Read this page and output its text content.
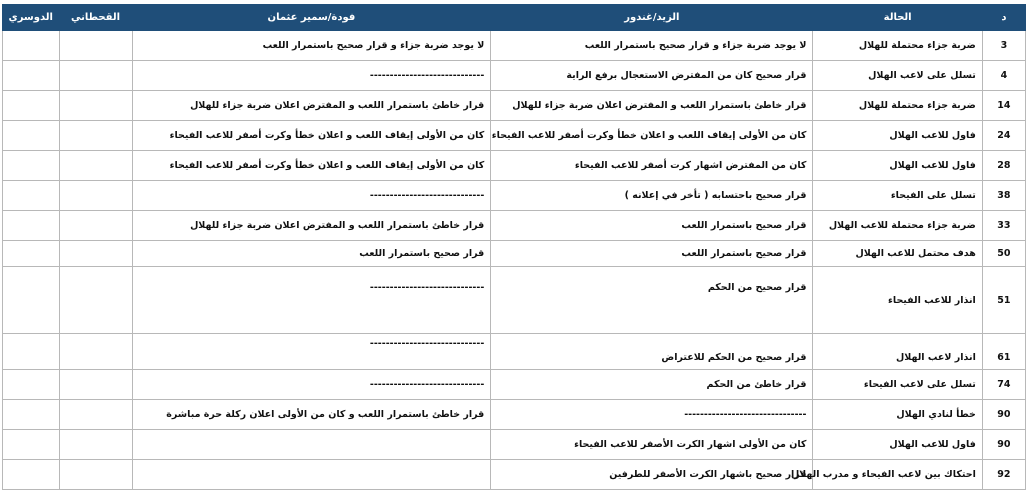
د	الحالة	الزيد/غندور	فودة/سمير عثمان	القحطاني	الدوسري
3	ضربة جزاء محتملة للهلال	لا يوجد ضربة جزاء و قرار صحيح باستمرار اللعب	لا يوجد ضربة جزاء و قرار صحيح باستمرار اللعب		
4	تسلل على لاعب الهلال	قرار صحيح كان من المفترض الاستعجال برفع الراية	-----------------------------		
14	ضربة جزاء محتملة للهلال	قرار خاطئ باستمرار اللعب و المفترض اعلان ضربة جزاء للهلال	قرار خاطئ باستمرار اللعب و المفترض اعلان ضربة جزاء للهلال		
24	فاول للاعب الهلال	كان من الأولى إيقاف اللعب و اعلان خطأ وكرت أصفر للاعب الفيحاء	كان من الأولى إيقاف اللعب و اعلان خطأ وكرت أصفر للاعب الفيحاء		
28	فاول للاعب الهلال	كان من المفترض اشهار كرت أصفر للاعب الفيحاء	كان من الأولى إيقاف اللعب و اعلان خطأ وكرت أصفر للاعب الفيحاء		
38	تسلل على الفيحاء	قرار صحيح باحتسابه ( تأخر في إعلانه )	-----------------------------		
33	ضربة جزاء محتملة للاعب الهلال	قرار صحيح باستمرار اللعب	قرار خاطئ باستمرار اللعب و المفترض اعلان ضربة جزاء للهلال		
50	هدف محتمل للاعب الهلال	قرار صحيح باستمرار اللعب	قرار صحيح باستمرار اللعب		
51	انذار للاعب الفيحاء	قرار صحيح من الحكم	-----------------------------		
61	انذار لاعب الهلال	قرار صحيح من الحكم للاعتراض	-----------------------------		
74	تسلل على لاعب الفيحاء	قرار خاطئ من الحكم	-----------------------------		
90	خطأ لنادي الهلال	-------------------------------	قرار خاطئ باستمرار اللعب و كان من الأولى اعلان ركلة حرة مباشرة		
90	فاول للاعب الهلال	كان من الأولى اشهار الكرت الأصفر للاعب الفيحاء			
92	احتكاك بين لاعب الفيحاء و مدرب الهلال	قرار صحيح باشهار الكرت الأصفر للطرفين			
